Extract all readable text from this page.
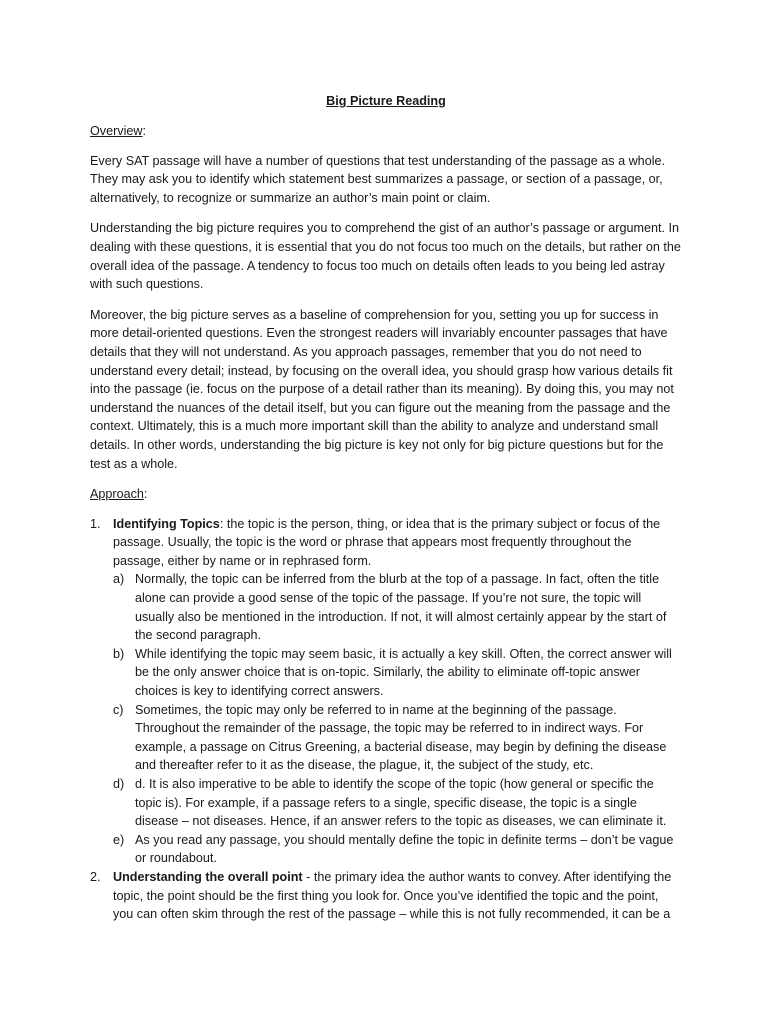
Big Picture Reading
Overview:

Every SAT passage will have a number of questions that test understanding of the passage as a whole. They may ask you to identify which statement best summarizes a passage, or section of a passage, or, alternatively, to recognize or summarize an author’s main point or claim.

Understanding the big picture requires you to comprehend the gist of an author’s passage or argument. In dealing with these questions, it is essential that you do not focus too much on the details, but rather on the overall idea of the passage. A tendency to focus too much on details often leads to you being led astray with such questions.

Moreover, the big picture serves as a baseline of comprehension for you, setting you up for success in more detail-oriented questions. Even the strongest readers will invariably encounter passages that have details that they will not understand. As you approach passages, remember that you do not need to understand every detail; instead, by focusing on the overall idea, you should grasp how various details fit into the passage (ie. focus on the purpose of a detail rather than its meaning). By doing this, you may not understand the nuances of the detail itself, but you can figure out the meaning from the passage and the context. Ultimately, this is a much more important skill than the ability to analyze and understand small details. In other words, understanding the big picture is key not only for big picture questions but for the test as a whole.

Approach:
1. Identifying Topics: the topic is the person, thing, or idea that is the primary subject or focus of the passage. Usually, the topic is the word or phrase that appears most frequently throughout the passage, either by name or in rephrased form.
a) Normally, the topic can be inferred from the blurb at the top of a passage. In fact, often the title alone can provide a good sense of the topic of the passage. If you’re not sure, the topic will usually also be mentioned in the introduction. If not, it will almost certainly appear by the start of the second paragraph.
b) While identifying the topic may seem basic, it is actually a key skill. Often, the correct answer will be the only answer choice that is on-topic. Similarly, the ability to eliminate off-topic answer choices is key to identifying correct answers.
c) Sometimes, the topic may only be referred to in name at the beginning of the passage. Throughout the remainder of the passage, the topic may be referred to in indirect ways. For example, a passage on Citrus Greening, a bacterial disease, may begin by defining the disease and thereafter refer to it as the disease, the plague, it, the subject of the study, etc.
d) d. It is also imperative to be able to identify the scope of the topic (how general or specific the topic is). For example, if a passage refers to a single, specific disease, the topic is a single disease – not diseases. Hence, if an answer refers to the topic as diseases, we can eliminate it.
e) As you read any passage, you should mentally define the topic in definite terms – don’t be vague or roundabout.
2. Understanding the overall point - the primary idea the author wants to convey. After identifying the topic, the point should be the first thing you look for. Once you’ve identified the topic and the point, you can often skim through the rest of the passage – while this is not fully recommended, it can be a
